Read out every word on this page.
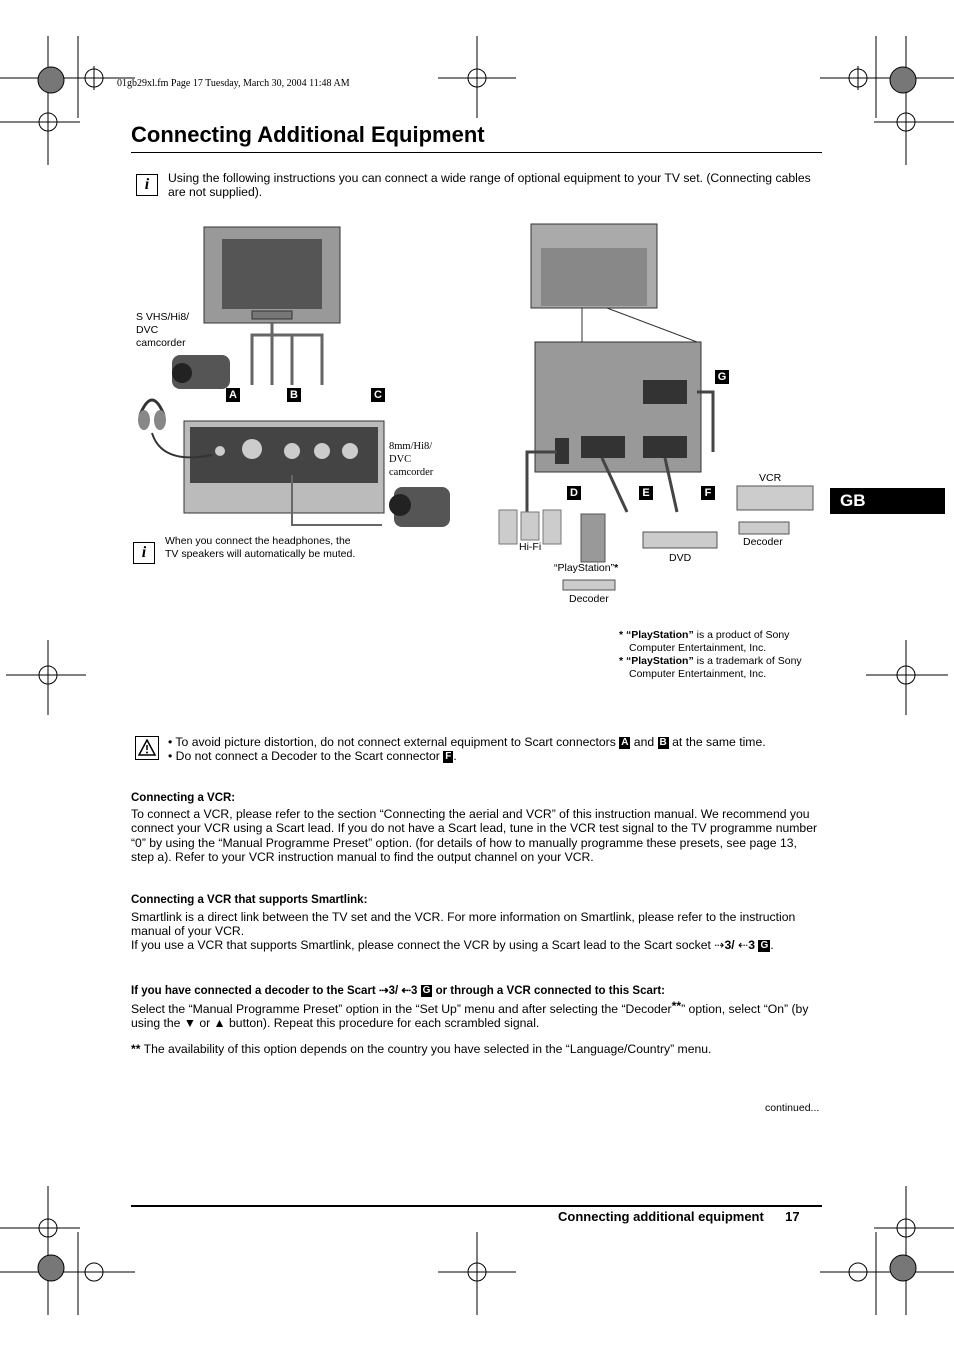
01gb29xl.fm Page 17 Tuesday, March 30, 2004 11:48 AM
Connecting Additional Equipment
i	Using the following instructions you can connect a wide range of optional equipment to your TV set. (Connecting cables are not supplied).
S VHS/Hi8/
DVC
camcorder
8mm/Hi8/
DVC
camcorder
A	B	C
i
When you connect the headphones, the TV speakers will automatically be muted.
G
D	E	F
VCR
Decoder
Hi-Fi
DVD
“PlayStation”*
Decoder
GB
* “PlayStation” is a product of Sony
Computer Entertainment, Inc.
* “PlayStation” is a trademark of Sony
Computer Entertainment, Inc.
• To avoid picture distortion, do not connect external equipment to Scart connectors A and B at the same time.
• Do not connect a Decoder to the Scart connector F .
Connecting a VCR:
To connect a VCR, please refer to the section “Connecting the aerial and VCR” of this instruction manual. We recommend you connect your VCR using a Scart lead. If you do not have a Scart lead, tune in the VCR test signal to the TV programme number “0” by using the “Manual Programme Preset” option. (for details of how to manually programme these presets, see page 13, step a). Refer to your VCR instruction manual to find the output channel on your VCR.
Connecting a VCR that supports Smartlink:
Smartlink is a direct link between the TV set and the VCR. For more information on Smartlink, please refer to the instruction manual of your VCR.
If you use a VCR that supports Smartlink, please connect the VCR by using a Scart lead to the Scart socket ⇢3/ ⇠3 G .
If you have connected a decoder to the Scart ⇢3/ ⇠3 G or through a VCR connected to this Scart:
Select the “Manual Programme Preset” option in the “Set Up” menu and after selecting the “Decoder**” option, select “On” (by using the ▼ or ▲ button). Repeat this procedure for each scrambled signal.
** The availability of this option depends on the country you have selected in the “Language/Country” menu.
continued...
Connecting additional equipment 17
